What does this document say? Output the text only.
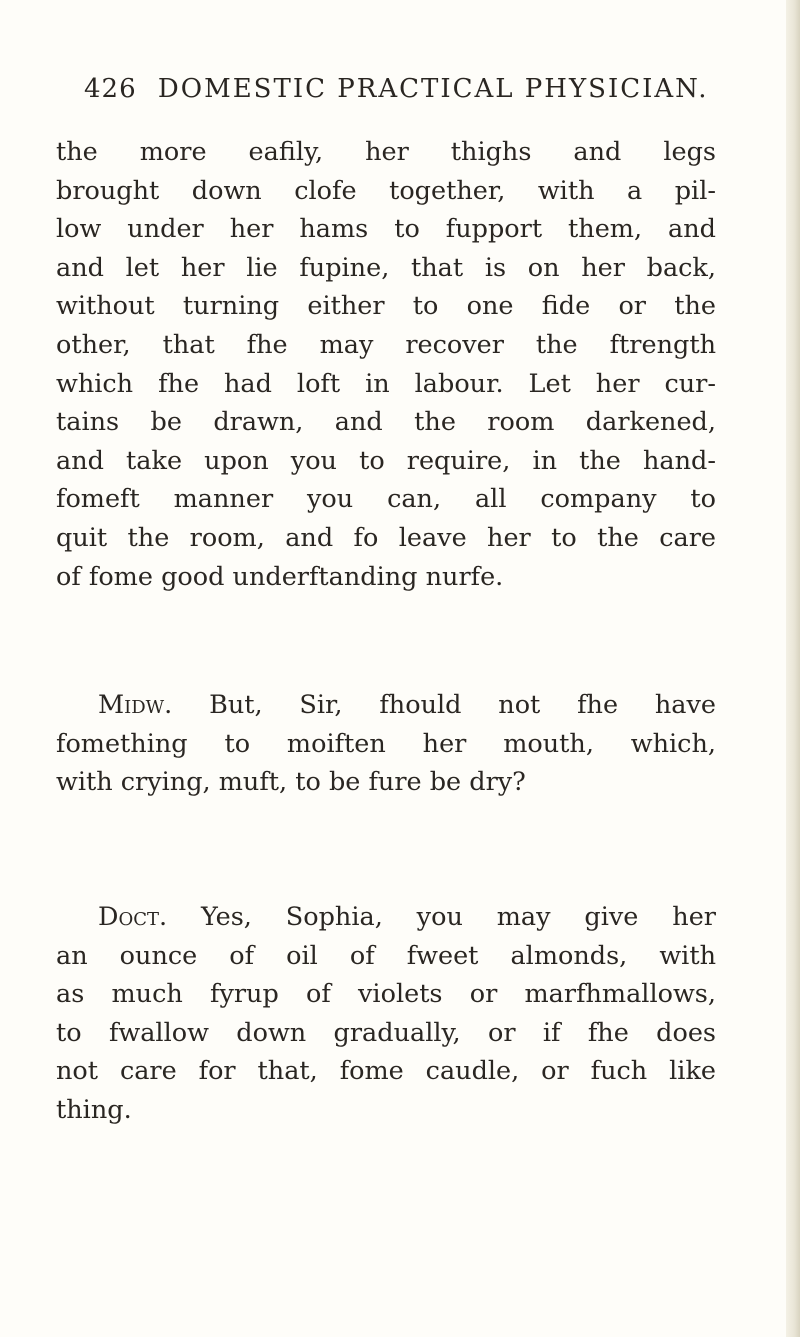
426 DOMESTIC PRACTICAL PHYSICIAN.
the more eafily, her thighs and legs
brought down clofe together, with a pil-
low under her hams to fupport them, and
and let her lie fupine, that is on her back,
without turning either to one fide or the
other, that fhe may recover the ftrength
which fhe had loft in labour. Let her cur-
tains be drawn, and the room darkened,
and take upon you to require, in the hand-
fomeft manner you can, all company to
quit the room, and fo leave her to the care
of fome good underftanding nurfe.
Midw. But, Sir, fhould not fhe have
fomething to moiften her mouth, which,
with crying, muft, to be fure be dry?
Doct. Yes, Sophia, you may give her
an ounce of oil of fweet almonds, with
as much fyrup of violets or marfhmallows,
to fwallow down gradually, or if fhe does
not care for that, fome caudle, or fuch like
thing.
